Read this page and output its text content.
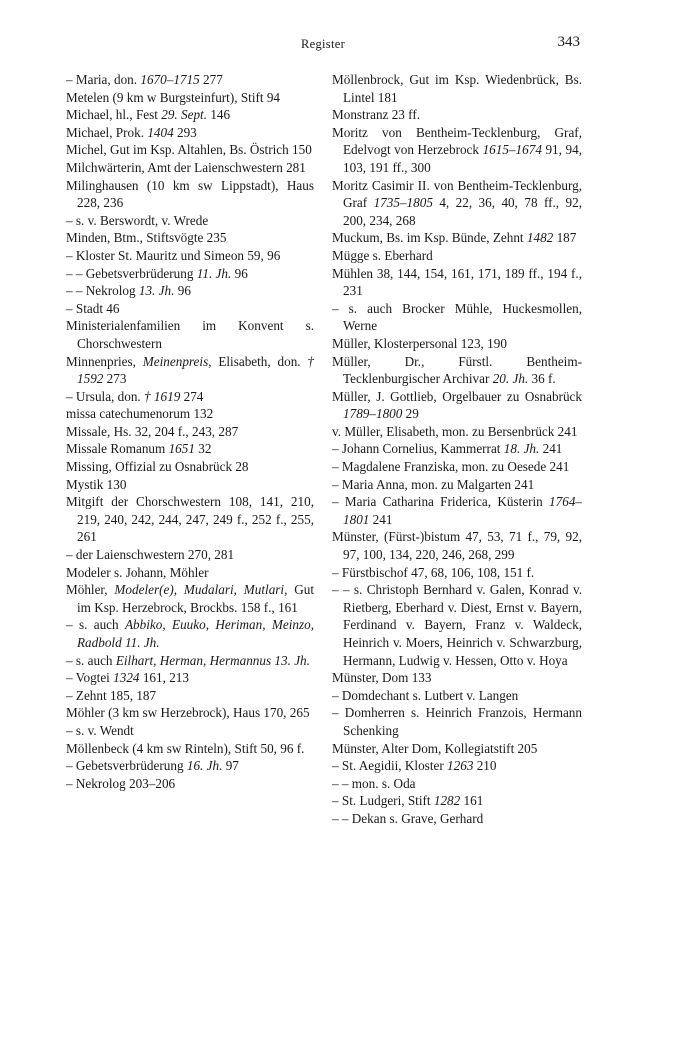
Register	343

– Maria, don. 1670–1715 277

Metelen (9 km w Burgsteinfurt), Stift 94

Michael, hl., Fest 29. Sept. 146

Michael, Prok. 1404 293

Michel, Gut im Ksp. Altahlen, Bs. Östrich 150

Milchwärterin, Amt der Laienschwestern 281

Milinghausen (10 km sw Lippstadt), Haus 228, 236

– s. v. Berswordt, v. Wrede

Minden, Btm., Stiftsvögte 235

– Kloster St. Mauritz und Simeon 59, 96

– – Gebetsverbrüderung 11. Jh. 96

– – Nekrolog 13. Jh. 96

– Stadt 46

Ministerialenfamilien im Konvent s. Chorschwestern

Minnenpries, Meinenpreis, Elisabeth, don. † 1592 273

– Ursula, don. † 1619 274

missa catechumenorum 132

Missale, Hs. 32, 204 f., 243, 287

Missale Romanum 1651 32

Missing, Offizial zu Osnabrück 28

Mystik 130

Mitgift der Chorschwestern 108, 141, 210, 219, 240, 242, 244, 247, 249 f., 252 f., 255, 261

– der Laienschwestern 270, 281

Modeler s. Johann, Möhler

Möhler, Modeler(e), Mudalari, Mutlari, Gut im Ksp. Herzebrock, Brockbs. 158 f., 161

– s. auch Abbiko, Euuko, Heriman, Meinzo, Radbold 11. Jh.

– s. auch Eilhart, Herman, Hermannus 13. Jh.

– Vogtei 1324 161, 213

– Zehnt 185, 187

Möhler (3 km sw Herzebrock), Haus 170, 265

– s. v. Wendt

Möllenbeck (4 km sw Rinteln), Stift 50, 96 f.

– Gebetsverbrüderung 16. Jh. 97

– Nekrolog 203–206

Möllenbrock, Gut im Ksp. Wiedenbrück, Bs. Lintel 181

Monstranz 23 ff.

Moritz von Bentheim-Tecklenburg, Graf, Edelvogt von Herzebrock 1615–1674 91, 94, 103, 191 ff., 300

Moritz Casimir II. von Bentheim-Tecklenburg, Graf 1735–1805 4, 22, 36, 40, 78 ff., 92, 200, 234, 268

Muckum, Bs. im Ksp. Bünde, Zehnt 1482 187

Mügge s. Eberhard

Mühlen 38, 144, 154, 161, 171, 189 ff., 194 f., 231

– s. auch Brocker Mühle, Huckesmollen, Werne

Müller, Klosterpersonal 123, 190

Müller, Dr., Fürstl. Bentheim-Tecklenburgischer Archivar 20. Jh. 36 f.

Müller, J. Gottlieb, Orgelbauer zu Osnabrück 1789–1800 29

v. Müller, Elisabeth, mon. zu Bersenbrück 241

– Johann Cornelius, Kammerrat 18. Jh. 241

– Magdalene Franziska, mon. zu Oesede 241

– Maria Anna, mon. zu Malgarten 241

– Maria Catharina Friderica, Küsterin 1764–1801 241

Münster, (Fürst-)bistum 47, 53, 71 f., 79, 92, 97, 100, 134, 220, 246, 268, 299

– Fürstbischof 47, 68, 106, 108, 151 f.

– – s. Christoph Bernhard v. Galen, Konrad v. Rietberg, Eberhard v. Diest, Ernst v. Bayern, Ferdinand v. Bayern, Franz v. Waldeck, Heinrich v. Moers, Heinrich v. Schwarzburg, Hermann, Ludwig v. Hessen, Otto v. Hoya

Münster, Dom 133

– Domdechant s. Lutbert v. Langen

– Domherren s. Heinrich Franzois, Hermann Schenking

Münster, Alter Dom, Kollegiatstift 205

– St. Aegidii, Kloster 1263 210

– – mon. s. Oda

– St. Ludgeri, Stift 1282 161

– – Dekan s. Grave, Gerhard
